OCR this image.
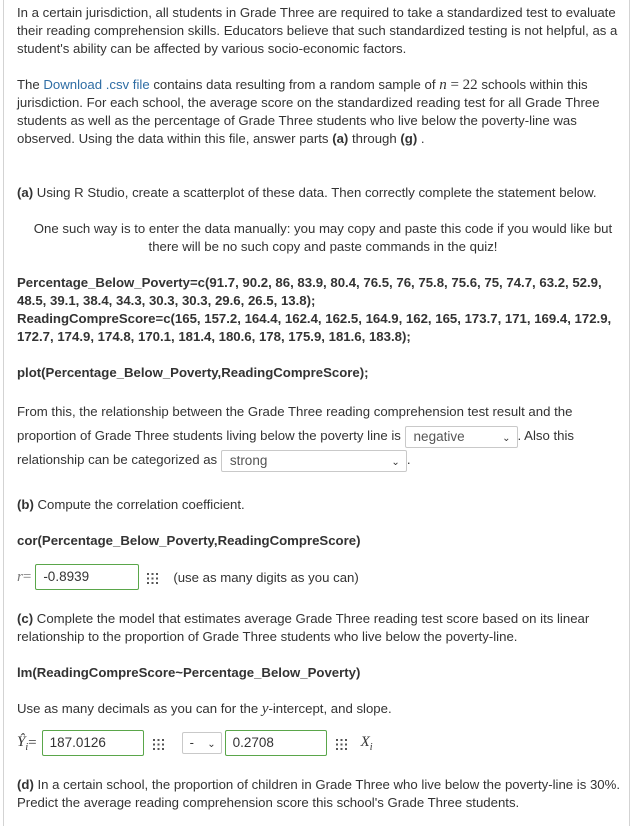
In a certain jurisdiction, all students in Grade Three are required to take a standardized test to evaluate their reading comprehension skills. Educators believe that such standardized testing is not helpful, as a student's ability can be affected by various socio-economic factors.

The Download .csv file contains data resulting from a random sample of n = 22 schools within this jurisdiction. For each school, the average score on the standardized reading test for all Grade Three students as well as the percentage of Grade Three students who live below the poverty-line was observed. Using the data within this file, answer parts (a) through (g) .

(a) Using R Studio, create a scatterplot of these data. Then correctly complete the statement below.

One such way is to enter the data manually: you may copy and paste this code if you would like but there will be no such copy and paste commands in the quiz!

Percentage_Below_Poverty=c(91.7, 90.2, 86, 83.9, 80.4, 76.5, 76, 75.8, 75.6, 75, 74.7, 63.2, 52.9, 48.5, 39.1, 38.4, 34.3, 30.3, 30.3, 29.6, 26.5, 13.8);

ReadingCompreScore=c(165, 157.2, 164.4, 162.4, 162.5, 164.9, 162, 165, 173.7, 171, 169.4, 172.9, 172.7, 174.9, 174.8, 170.1, 181.4, 180.6, 178, 175.9, 181.6, 183.8);

plot(Percentage_Below_Poverty,ReadingCompreScore);

From this, the relationship between the Grade Three reading comprehension test result and the proportion of Grade Three students living below the poverty line is negative	⌄ . Also this relationship can be categorized as strong	⌄ .

(b) Compute the correlation coefficient.

cor(Percentage_Below_Poverty,ReadingCompreScore)

r = -0.8939	(use as many digits as you can)

(c) Complete the model that estimates average Grade Three reading test score based on its linear relationship to the proportion of Grade Three students who live below the poverty-line.

lm(ReadingCompreScore~Percentage_Below_Poverty)

Use as many decimals as you can for the y-intercept, and slope.

$Ŷ_i = 187.0126$	- ⌄	0.2708	$X_i$

(d) In a certain school, the proportion of children in Grade Three who live below the poverty-line is 30%. Predict the average reading comprehension score this school's Grade Three students.
